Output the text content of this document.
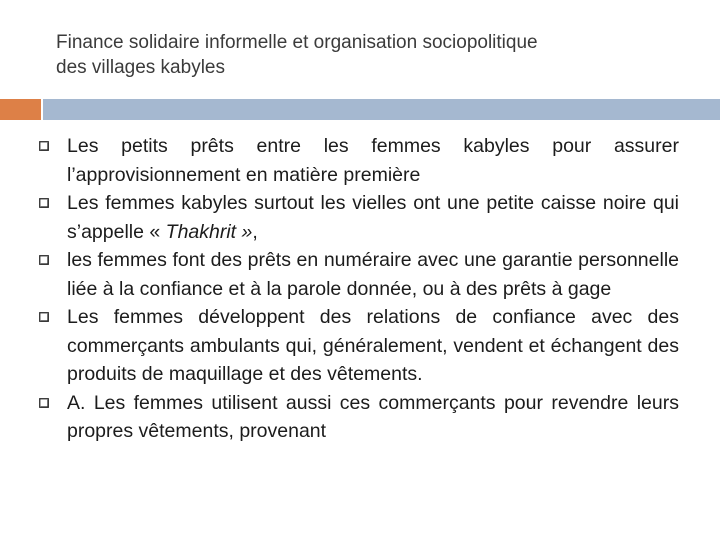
Finance solidaire informelle et organisation sociopolitique
des villages kabyles
Les petits prêts entre les femmes kabyles pour assurer l’approvisionnement en matière première
Les femmes kabyles surtout les vielles ont une petite caisse noire qui s’appelle « Thakhrit »,
les femmes font des prêts en numéraire avec une garantie personnelle liée à la confiance et à la parole donnée, ou à des prêts à gage
Les femmes développent des relations de confiance avec des commerçants ambulants qui, généralement, vendent et échangent des produits de maquillage et des vêtements.
A. Les femmes utilisent aussi ces commerçants pour revendre leurs propres vêtements, provenant
